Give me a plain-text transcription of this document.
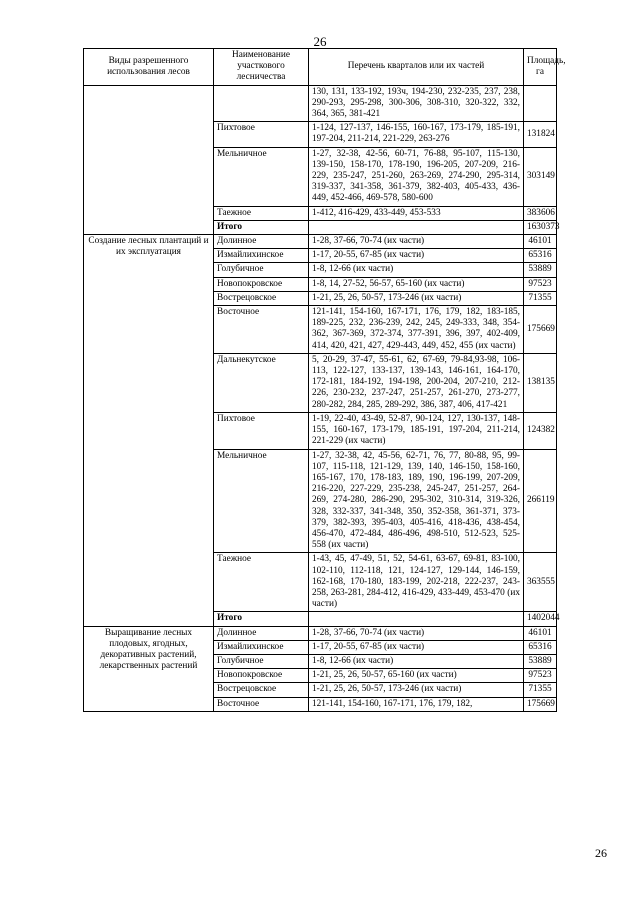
26
Виды разрешенного использования лесов	Наименование участкового лесничества	Перечень кварталов или их частей	Площадь, га
		130, 131, 133-192, 193ч, 194-230, 232-235, 237, 238, 290-293, 295-298, 300-306, 308-310, 320-322, 332, 364, 365, 381-421	
	Пихтовое	1-124, 127-137, 146-155, 160-167, 173-179, 185-191, 197-204, 211-214, 221-229, 263-276	131824
	Мельничное	1-27, 32-38, 42-56, 60-71, 76-88, 95-107, 115-130, 139-150, 158-170, 178-190, 196-205, 207-209, 216-229, 235-247, 251-260, 263-269, 274-290, 295-314, 319-337, 341-358, 361-379, 382-403, 405-433, 436-449, 452-466, 469-578, 580-600	303149
	Таежное	1-412, 416-429, 433-449, 453-533	383606
	Итого		1630373
Создание лесных плантаций и их эксплуатация	Долинное	1-28, 37-66, 70-74 (их части)	46101
	Измайлихинское	1-17, 20-55, 67-85 (их части)	65316
	Голубичное	1-8, 12-66 (их части)	53889
	Новопокровское	1-8, 14, 27-52, 56-57, 65-160 (их части)	97523
	Вострецовское	1-21, 25, 26, 50-57, 173-246 (их части)	71355
	Восточное	121-141, 154-160, 167-171, 176, 179, 182, 183-185, 189-225, 232, 236-239, 242, 245, 249-333, 348, 354-362, 367-369, 372-374, 377-391, 396, 397, 402-409, 414, 420, 421, 427, 429-443, 449, 452, 455 (их части)	175669
	Дальнекутское	5, 20-29, 37-47, 55-61, 62, 67-69, 79-84,93-98, 106-113, 122-127, 133-137, 139-143, 146-161, 164-170, 172-181, 184-192, 194-198, 200-204, 207-210, 212-226, 230-232, 237-247, 251-257, 261-270, 273-277, 280-282, 284, 285, 289-292, 386, 387, 406, 417-421	138135
	Пихтовое	1-19, 22-40, 43-49, 52-87, 90-124, 127, 130-137, 148-155, 160-167, 173-179, 185-191, 197-204, 211-214, 221-229 (их части)	124382
	Мельничное	1-27, 32-38, 42, 45-56, 62-71, 76, 77, 80-88, 95, 99-107, 115-118, 121-129, 139, 140, 146-150, 158-160, 165-167, 170, 178-183, 189, 190, 196-199, 207-209, 216-220, 227-229, 235-238, 245-247, 251-257, 264-269, 274-280, 286-290, 295-302, 310-314, 319-326, 328, 332-337, 341-348, 350, 352-358, 361-371, 373-379, 382-393, 395-403, 405-416, 418-436, 438-454, 456-470, 472-484, 486-496, 498-510, 512-523, 525-558 (их части)	266119
	Таежное	1-43, 45, 47-49, 51, 52, 54-61, 63-67, 69-81, 83-100, 102-110, 112-118, 121, 124-127, 129-144, 146-159, 162-168, 170-180, 183-199, 202-218, 222-237, 243-258, 263-281, 284-412, 416-429, 433-449, 453-470 (их части)	363555
	Итого		1402044
Выращивание лесных плодовых, ягодных, декоративных растений, лекарственных растений	Долинное	1-28, 37-66, 70-74 (их части)	46101
	Измайлихинское	1-17, 20-55, 67-85 (их части)	65316
	Голубичное	1-8, 12-66 (их части)	53889
	Новопокровское	1-21, 25, 26, 50-57, 65-160 (их части)	97523
	Вострецовское	1-21, 25, 26, 50-57, 173-246 (их части)	71355
	Восточное	121-141, 154-160, 167-171, 176, 179, 182,	175669
26
